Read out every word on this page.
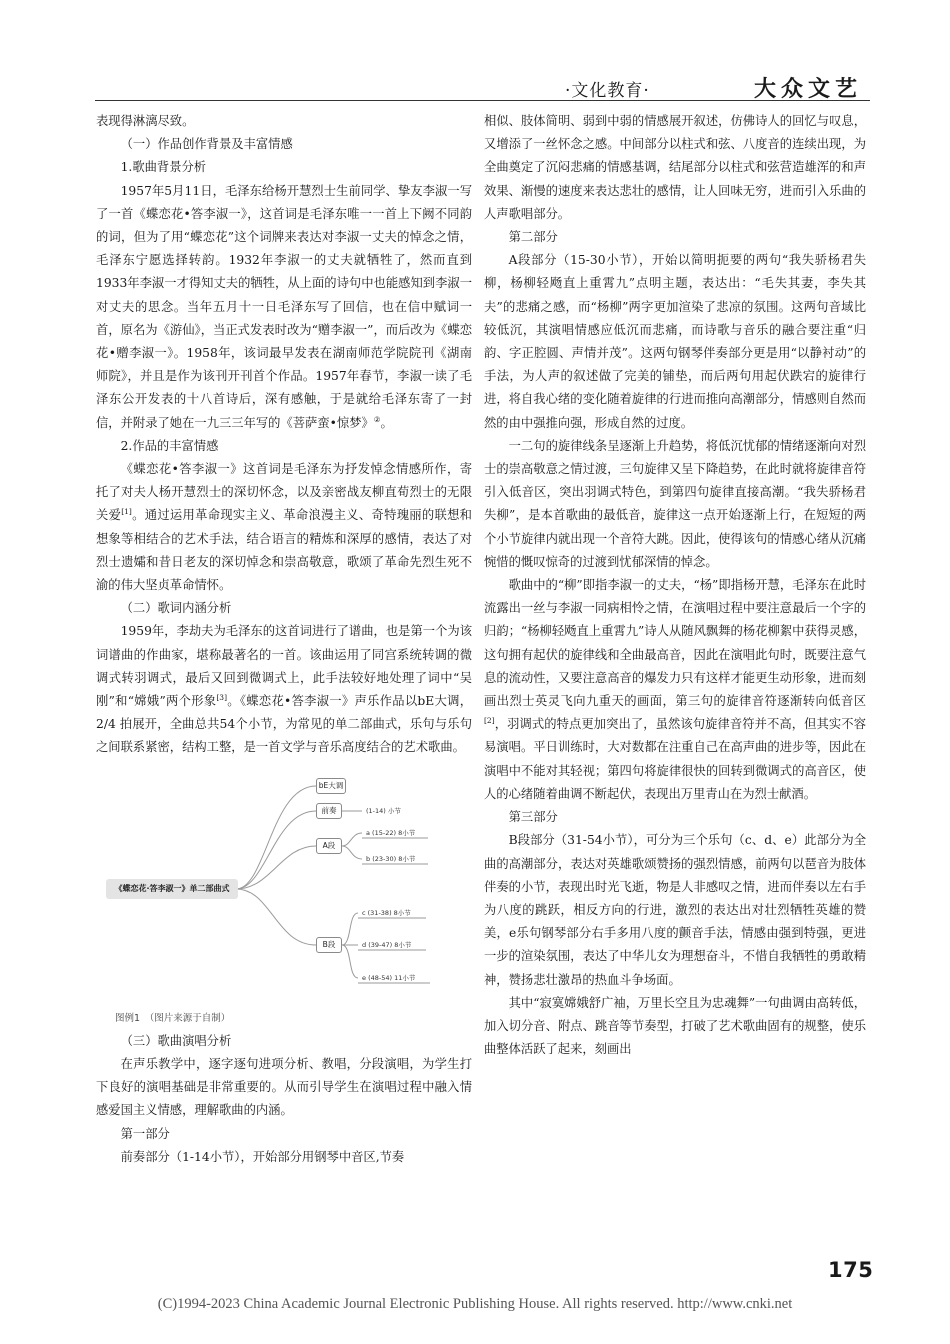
·文化教育·	大众文艺

表现得淋漓尽致。

（一）作品创作背景及丰富情感

1.歌曲背景分析

1957年5月11日，毛泽东给杨开慧烈士生前同学、挚友李淑一写了一首《蝶恋花•答李淑一》，这首词是毛泽东唯一一首上下阙不同韵的词，但为了用“蝶恋花”这个词牌来表达对李淑一丈夫的悼念之情，毛泽东宁愿选择转韵。1932年李淑一的丈夫就牺牲了，然而直到1933年李淑一才得知丈夫的牺牲，从上面的诗句中也能感知到李淑一对丈夫的思念。当年五月十一日毛泽东写了回信，也在信中赋词一首，原名为《游仙》，当正式发表时改为“赠李淑一”，而后改为《蝶恋花•赠李淑一》。1958年，该词最早发表在湖南师范学院院刊《湖南师院》，并且是作为该刊开刊首个作品。1957年春节，李淑一读了毛泽东公开发表的十八首诗后，深有感触，于是就给毛泽东寄了一封信，并附录了她在一九三三年写的《菩萨蛮•惊梦》②。

2.作品的丰富情感

《蝶恋花•答李淑一》这首词是毛泽东为抒发悼念情感所作，寄托了对夫人杨开慧烈士的深切怀念，以及亲密战友柳直荀烈士的无限关爱[1]。通过运用革命现实主义、革命浪漫主义、奇特瑰丽的联想和想象等相结合的艺术手法，结合语言的精炼和深厚的感情，表达了对烈士遗孀和昔日老友的深切悼念和崇高敬意，歌颂了革命先烈生死不渝的伟大坚贞革命情怀。

（二）歌词内涵分析

1959年，李劫夫为毛泽东的这首词进行了谱曲，也是第一个为该词谱曲的作曲家，堪称最著名的一首。该曲运用了同宫系统转调的微调式转羽调式，最后又回到微调式上，此手法较好地处理了词中“吴刚”和“嫦娥”两个形象[3]。《蝶恋花•答李淑一》声乐作品以bE大调，2/4 拍展开，全曲总共54个小节，为常见的单二部曲式，乐句与乐句之间联系紧密，结构工整，是一首文学与音乐高度结合的艺术歌曲。

《蝶恋花·答李淑一》单二部曲式
bE大调
前奏	(1-14) 小节
A段
a (15-22) 8小节
b (23-30) 8小节
B段
c (31-38) 8小节
d (39-47) 8小节
e (48-54) 11小节

图例1　（图片来源于自制）

（三）歌曲演唱分析

在声乐教学中，逐字逐句进项分析、教唱，分段演唱，为学生打下良好的演唱基础是非常重要的。从而引导学生在演唱过程中融入情感爱国主义情感，理解歌曲的内涵。

第一部分

前奏部分（1-14小节），开始部分用钢琴中音区,节奏

相似、肢体简明、弱到中弱的情感展开叙述，仿佛诗人的回忆与叹息，又增添了一丝怀念之感。中间部分以柱式和弦、八度音的连续出现，为全曲奠定了沉闷悲痛的情感基调，结尾部分以柱式和弦营造雄浑的和声效果、渐慢的速度来表达悲壮的感情，让人回味无穷，进而引入乐曲的人声歌唱部分。

第二部分

A段部分（15-30小节），开始以简明扼要的两句“我失骄杨君失柳，杨柳轻飏直上重霄九”点明主题，表达出：“毛失其妻，李失其夫”的悲痛之感，而“杨柳”两字更加渲染了悲凉的氛围。这两句音域比较低沉，其演唱情感应低沉而悲痛，而诗歌与音乐的融合要注重“归韵、字正腔圆、声情并茂”。这两句钢琴伴奏部分更是用“以静衬动”的手法，为人声的叙述做了完美的铺垫，而后两句用起伏跌宕的旋律行进，将自我心绪的变化随着旋律的行进而推向高潮部分，情感则自然而然的由中强推向强，形成自然的过度。

一二句的旋律线条呈逐渐上升趋势，将低沉忧郁的情绪逐渐向对烈士的崇高敬意之情过渡，三句旋律又呈下降趋势，在此时就将旋律音符引入低音区，突出羽调式特色，到第四句旋律直接高潮。“我失骄杨君失柳”，是本首歌曲的最低音，旋律这一点开始逐渐上行，在短短的两个小节旋律内就出现一个音符大跳。因此，使得该句的情感心绪从沉痛惋惜的慨叹惊奇的过渡到忧郁深情的悼念。

歌曲中的“柳”即指李淑一的丈夫，“杨”即指杨开慧，毛泽东在此时流露出一丝与李淑一同病相怜之情，在演唱过程中要注意最后一个字的归韵；“杨柳轻飏直上重霄九”诗人从随风飘舞的杨花柳絮中获得灵感，这句拥有起伏的旋律线和全曲最高音，因此在演唱此句时，既要注意气息的流动性，又要注意高音的爆发力只有这样才能更生动形象，进而刻画出烈士英灵飞向九重天的画面，第三句的旋律音符逐渐转向低音区[2]，羽调式的特点更加突出了，虽然该句旋律音符并不高，但其实不容易演唱。平日训练时，大对数都在注重自己在高声曲的进步等，因此在演唱中不能对其轻视；第四句将旋律很快的回转到微调式的高音区，使人的心绪随着曲调不断起伏，表现出万里青山在为烈士献酒。

第三部分

B段部分（31-54小节），可分为三个乐句（c、d、e）此部分为全曲的高潮部分，表达对英雄歌颂赞扬的强烈情感，前两句以琶音为肢体伴奏的小节，表现出时光飞逝，物是人非感叹之情，进而伴奏以左右手为八度的跳跃，相反方向的行进，激烈的表达出对壮烈牺牲英雄的赞美，e乐句钢琴部分右手多用八度的颤音手法，情感由强到特强，更进一步的渲染氛围，表达了中华儿女为理想奋斗，不惜自我牺牲的勇敢精神，赞扬悲壮激昂的热血斗争场面。

其中“寂寞嫦娥舒广袖，万里长空且为忠魂舞”一句曲调由高转低，加入切分音、附点、跳音等节奏型，打破了艺术歌曲固有的规整，使乐曲整体活跃了起来，刻画出

175
(C)1994-2023 China Academic Journal Electronic Publishing House. All rights reserved. http://www.cnki.net
